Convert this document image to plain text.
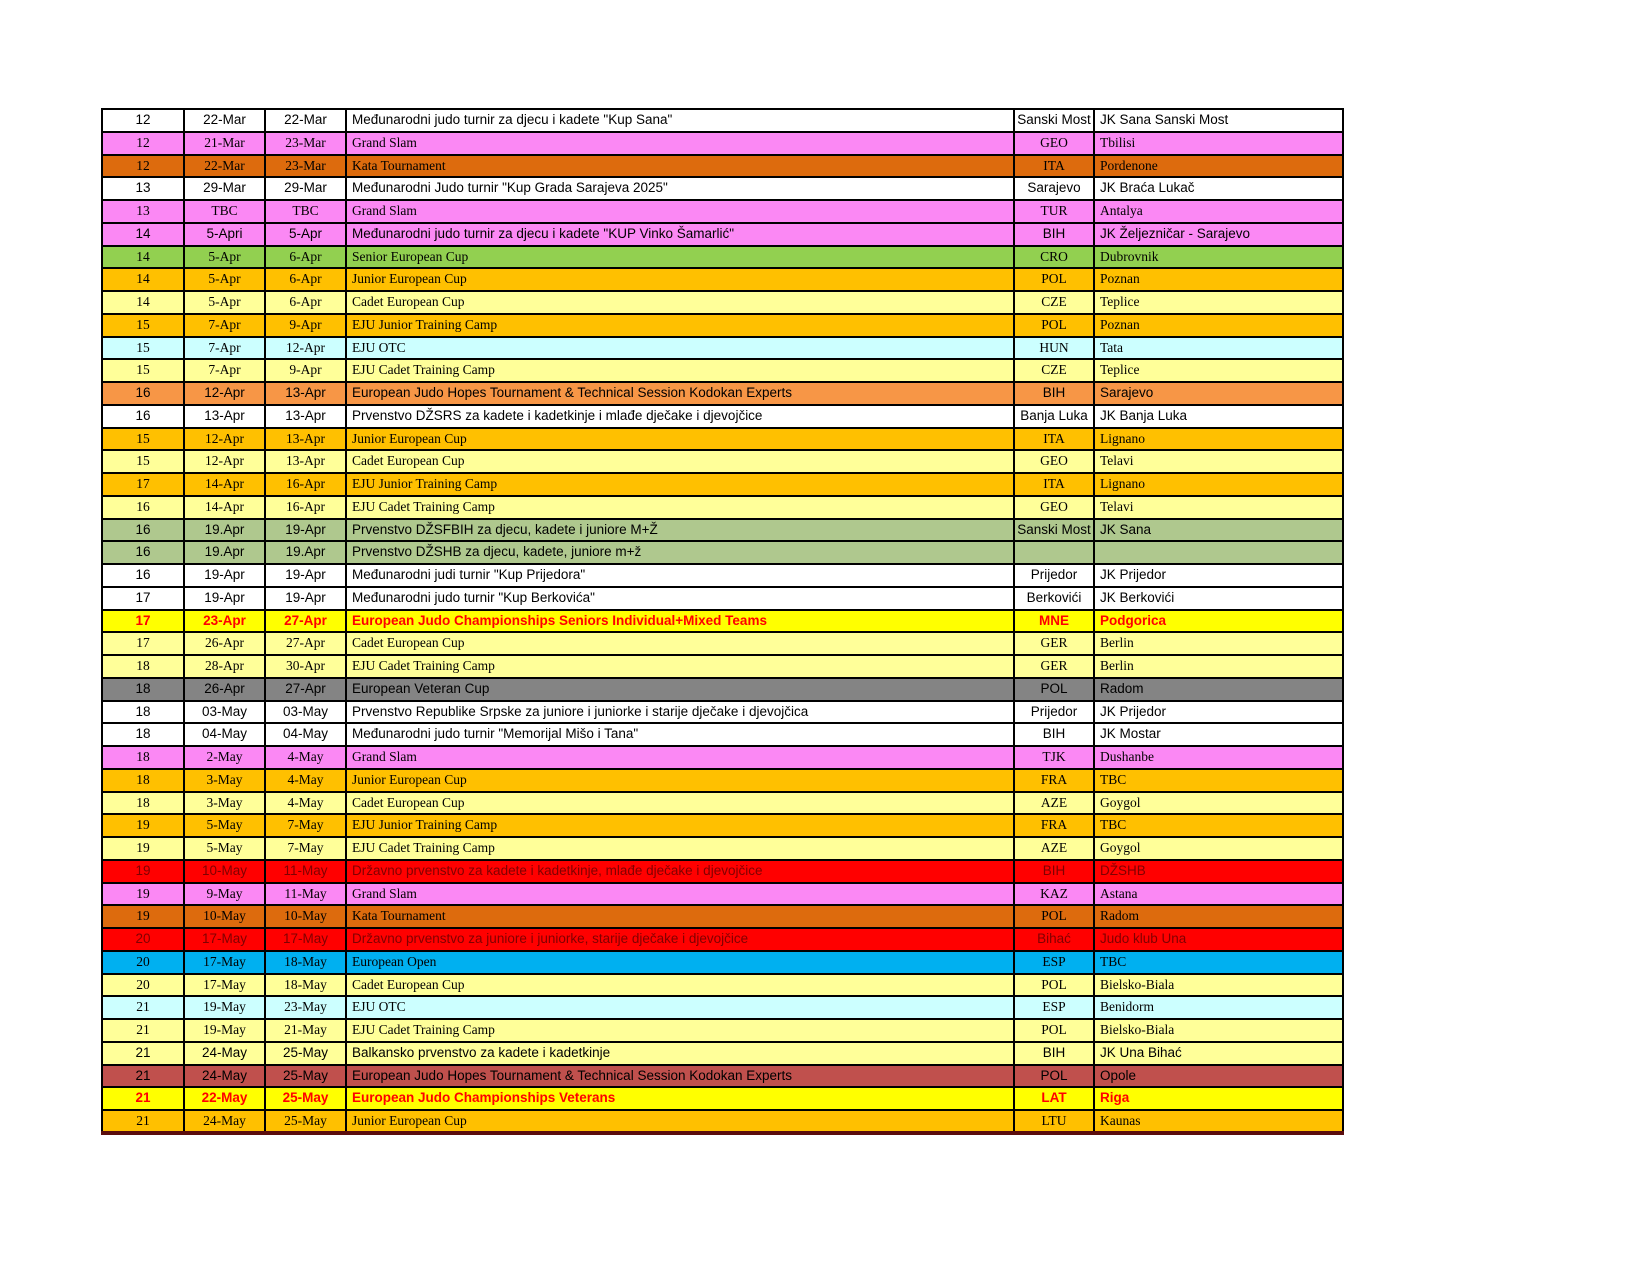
12	22-Mar	22-Mar	Međunarodni judo turnir za djecu i kadete "Kup Sana"	Sanski Most	JK Sana Sanski Most
12	21-Mar	23-Mar	Grand Slam	GEO	Tbilisi
12	22-Mar	23-Mar	Kata Tournament	ITA	Pordenone
13	29-Mar	29-Mar	Međunarodni Judo turnir "Kup Grada Sarajeva 2025"	Sarajevo	JK Braća Lukač
13	TBC	TBC	Grand Slam	TUR	Antalya
14	5-Apri	5-Apr	Međunarodni judo turnir za djecu i kadete "KUP Vinko Šamarlić"	BIH	JK Željezničar - Sarajevo
14	5-Apr	6-Apr	Senior European Cup	CRO	Dubrovnik
14	5-Apr	6-Apr	Junior European Cup	POL	Poznan
14	5-Apr	6-Apr	Cadet European Cup	CZE	Teplice
15	7-Apr	9-Apr	EJU Junior Training Camp	POL	Poznan
15	7-Apr	12-Apr	EJU OTC	HUN	Tata
15	7-Apr	9-Apr	EJU Cadet Training Camp	CZE	Teplice
16	12-Apr	13-Apr	European Judo Hopes Tournament & Technical Session Kodokan Experts	BIH	Sarajevo
16	13-Apr	13-Apr	Prvenstvo DŽSRS za kadete i kadetkinje i mlađe dječake i djevojčice	Banja Luka	JK Banja Luka
15	12-Apr	13-Apr	Junior European Cup	ITA	Lignano
15	12-Apr	13-Apr	Cadet European Cup	GEO	Telavi
17	14-Apr	16-Apr	EJU Junior Training Camp	ITA	Lignano
16	14-Apr	16-Apr	EJU Cadet Training Camp	GEO	Telavi
16	19.Apr	19-Apr	Prvenstvo DŽSFBIH za djecu, kadete i juniore M+Ž	Sanski Most	JK Sana
16	19.Apr	19.Apr	Prvenstvo DŽSHB za djecu, kadete, juniore m+ž		
16	19-Apr	19-Apr	Međunarodni judi turnir "Kup Prijedora"	Prijedor	JK Prijedor
17	19-Apr	19-Apr	Međunarodni judo turnir "Kup Berkovića"	Berkovići	JK Berkovići
17	23-Apr	27-Apr	European Judo Championships Seniors Individual+Mixed Teams	MNE	Podgorica
17	26-Apr	27-Apr	Cadet European Cup	GER	Berlin
18	28-Apr	30-Apr	EJU Cadet Training Camp	GER	Berlin
18	26-Apr	27-Apr	European Veteran Cup	POL	Radom
18	03-May	03-May	Prvenstvo Republike Srpske za juniore i juniorke i starije dječake i djevojčica	Prijedor	JK Prijedor
18	04-May	04-May	Međunarodni judo turnir "Memorijal Mišo i Tana"	BIH	JK Mostar
18	2-May	4-May	Grand Slam	TJK	Dushanbe
18	3-May	4-May	Junior European Cup	FRA	TBC
18	3-May	4-May	Cadet European Cup	AZE	Goygol
19	5-May	7-May	EJU Junior Training Camp	FRA	TBC
19	5-May	7-May	EJU Cadet Training Camp	AZE	Goygol
19	10-May	11-May	Državno prvenstvo za kadete i kadetkinje, mlađe dječake i djevojčice	BIH	DŽSHB
19	9-May	11-May	Grand Slam	KAZ	Astana
19	10-May	10-May	Kata Tournament	POL	Radom
20	17-May	17-May	Državno prvenstvo za juniore i juniorke, starije dječake i djevojčice	Bihać	Judo klub Una
20	17-May	18-May	European Open	ESP	TBC
20	17-May	18-May	Cadet European Cup	POL	Bielsko-Biala
21	19-May	23-May	EJU OTC	ESP	Benidorm
21	19-May	21-May	EJU Cadet Training Camp	POL	Bielsko-Biala
21	24-May	25-May	Balkansko prvenstvo za kadete i kadetkinje	BIH	JK Una Bihać
21	24-May	25-May	European Judo Hopes Tournament & Technical Session Kodokan Experts	POL	Opole
21	22-May	25-May	European Judo Championships Veterans	LAT	Riga
21	24-May	25-May	Junior European Cup	LTU	Kaunas
